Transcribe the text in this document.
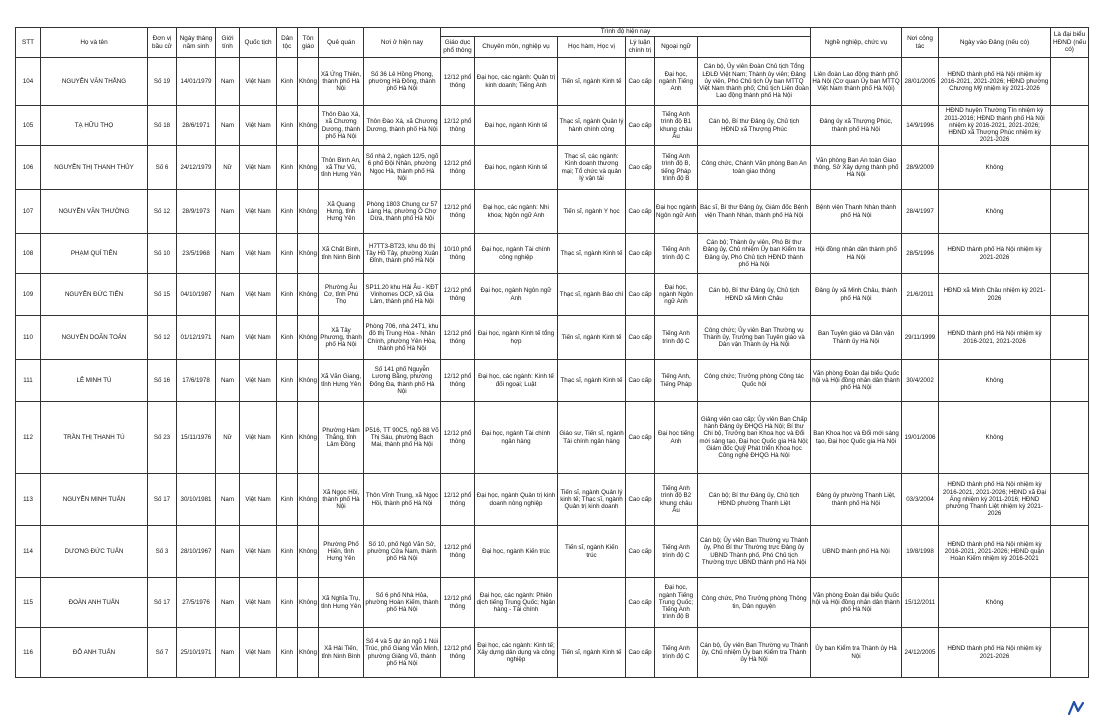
STT	Họ và tên	Đơn vị bầu cử	Ngày tháng năm sinh	Giới tính	Quốc tịch	Dân tộc	Tôn giáo	Quê quán	Nơi ở hiện nay	Trình độ hiện nay						Nghề nghiệp, chức vụ	Nơi công tác	Ngày vào Đảng (nếu có)	Là đại biểu HĐND (nếu có)	
										Giáo dục phổ thông	Chuyên môn, nghiệp vụ	Học hàm, Học vị	Lý luận chính trị	Ngoại ngữ						
104	NGUYỄN VĂN THẮNG	Số 19	14/01/1979	Nam	Việt Nam	Kinh	Không	Xã Ứng Thiên, thành phố Hà Nội	Số 36 Lê Hồng Phong, phường Hà Đông, thành phố Hà Nội	12/12 phổ thông	Đại học, các ngành: Quản trị kinh doanh; Tiếng Anh	Tiến sĩ, ngành Kinh tế	Cao cấp	Đại học, ngành Tiếng Anh	Cán bộ, Ủy viên Đoàn Chủ tịch Tổng LĐLĐ Việt Nam; Thành ủy viên; Đảng ủy viên, Phó Chủ tịch Ủy ban MTTQ Việt Nam thành phố; Chủ tịch Liên đoàn Lao động thành phố Hà Nội	Liên đoàn Lao động thành phố Hà Nội (Cơ quan Ủy ban MTTQ Việt Nam thành phố Hà Nội)	28/01/2005	HĐND thành phố Hà Nội nhiệm kỳ 2016-2021, 2021-2026; HĐND phường Chương Mỹ nhiệm kỳ 2021-2026		
105	TẠ HỮU THỌ	Số 18	28/6/1971	Nam	Việt Nam	Kinh	Không	Thôn Đào Xá, xã Chương Dương, thành phố Hà Nội	Thôn Đào Xá, xã Chương Dương, thành phố Hà Nội	12/12 phổ thông	Đại học, ngành Kinh tế	Thạc sĩ, ngành Quản lý hành chính công	Cao cấp	Tiếng Anh trình độ B1 khung châu Âu	Cán bộ, Bí thư Đảng ủy, Chủ tịch HĐND xã Thượng Phúc	Đảng ủy xã Thượng Phúc, thành phố Hà Nội	14/9/1996	HĐND huyện Thường Tín nhiệm kỳ 2011-2016; HĐND thành phố Hà Nội nhiệm kỳ 2016-2021, 2021-2026; HĐND xã Thượng Phúc nhiệm kỳ 2021-2026		
106	NGUYỄN THỊ THANH THỦY	Số 6	24/12/1979	Nữ	Việt Nam	Kinh	Không	Thôn Bình An, xã Thư Vũ, tỉnh Hưng Yên	Số nhà 2, ngách 12/5, ngõ 6 phố Đội Nhân, phường Ngọc Hà, thành phố Hà Nội	12/12 phổ thông	Đại học, ngành Kinh tế	Thạc sĩ, các ngành: Kinh doanh thương mại; Tổ chức và quản lý vận tải	Cao cấp	Tiếng Anh trình độ B, tiếng Pháp trình độ B	Công chức, Chánh Văn phòng Ban An toàn giao thông	Văn phòng Ban An toàn Giao thông, Sở Xây dựng thành phố Hà Nội	28/9/2009	Không		
107	NGUYỄN VĂN THƯỜNG	Số 12	28/9/1973	Nam	Việt Nam	Kinh	Không	Xã Quang Hưng, tỉnh Hưng Yên	Phòng 1803 Chung cư 57 Láng Hạ, phường Ô Chợ Dừa, thành phố Hà Nội	12/12 phổ thông	Đại học, các ngành: Nhi khoa; Ngôn ngữ Anh	Tiến sĩ, ngành Y học	Cao cấp	Đại học ngành Ngôn ngữ Anh	Bác sĩ, Bí thư Đảng ủy, Giám đốc Bệnh viện Thanh Nhàn, thành phố Hà Nội	Bệnh viện Thanh Nhàn thành phố Hà Nội	28/4/1997	Không		
108	PHẠM QUÍ TIÊN	Số 10	23/5/1968	Nam	Việt Nam	Kinh	Không	Xã Chất Bình, tỉnh Ninh Bình	H7TT3-BT23, khu đô thị Tây Hồ Tây, phường Xuân Đỉnh, thành phố Hà Nội	10/10 phổ thông	Đại học, ngành Tài chính công nghiệp	Thạc sĩ, ngành Kinh tế	Cao cấp	Tiếng Anh trình độ C	Cán bộ; Thành ủy viên, Phó Bí thư Đảng ủy, Chủ nhiệm Ủy ban Kiểm tra Đảng ủy, Phó Chủ tịch HĐND thành phố Hà Nội	Hội đồng nhân dân thành phố Hà Nội	28/5/1996	HĐND thành phố Hà Nội nhiệm kỳ 2021-2026		
109	NGUYỄN ĐỨC TIẾN	Số 15	04/10/1987	Nam	Việt Nam	Kinh	Không	Phường Âu Cơ, tỉnh Phú Thọ	SP11.20 khu Hải Âu - KĐT Vinhomes OCP, xã Gia Lâm, thành phố Hà Nội	12/12 phổ thông	Đại học, ngành Ngôn ngữ Anh	Thạc sĩ, ngành Báo chí	Cao cấp	Đại học, ngành Ngôn ngữ Anh	Cán bộ, Bí thư Đảng ủy, Chủ tịch HĐND xã Minh Châu	Đảng ủy xã Minh Châu, thành phố Hà Nội	21/6/2011	HĐND xã Minh Châu nhiệm kỳ 2021-2026		
110	NGUYỄN DOÃN TOẢN	Số 12	01/12/1971	Nam	Việt Nam	Kinh	Không	Xã Tây Phương, thành phố Hà Nội	Phòng 706, nhà 24T1, khu đô thị Trung Hòa - Nhân Chính, phường Yên Hòa, thành phố Hà Nội	12/12 phổ thông	Đại học, ngành Kinh tế tổng hợp	Tiến sĩ, ngành Kinh tế	Cao cấp	Tiếng Anh trình độ C	Công chức; Ủy viên Ban Thường vụ Thành ủy, Trưởng ban Tuyên giáo và Dân vận Thành ủy Hà Nội	Ban Tuyên giáo và Dân vận Thành ủy Hà Nội	29/11/1999	HĐND thành phố Hà Nội nhiệm kỳ 2016-2021, 2021-2026		
111	LÊ MINH TÚ	Số 16	17/6/1978	Nam	Việt Nam	Kinh	Không	Xã Văn Giang, tỉnh Hưng Yên	Số 141 phố Nguyễn Lương Bằng, phường Đống Đa, thành phố Hà Nội	12/12 phổ thông	Đại học, các ngành: Kinh tế đối ngoại; Luật	Thạc sĩ, ngành Kinh tế	Cao cấp	Tiếng Anh, Tiếng Pháp	Công chức; Trưởng phòng Công tác Quốc hội	Văn phòng Đoàn đại biểu Quốc hội và Hội đồng nhân dân thành phố Hà Nội	30/4/2002	Không		
112	TRẦN THỊ THANH TÚ	Số 23	15/11/1976	Nữ	Việt Nam	Kinh	Không	Phường Hàm Thắng, tỉnh Lâm Đồng	P516, TT 90C5, ngõ 88 Võ Thị Sáu, phường Bạch Mai, thành phố Hà Nội	12/12 phổ thông	Đại học, ngành Tài chính ngân hàng	Giáo sư, Tiến sĩ, ngành Tài chính ngân hàng	Cao cấp	Đại học tiếng Anh	Giảng viên cao cấp; Ủy viên Ban Chấp hành Đảng ủy ĐHQG Hà Nội; Bí thư Chi bộ, Trưởng ban Khoa học và Đổi mới sáng tạo, Đại học Quốc gia Hà Nội; Giám đốc Quỹ Phát triển Khoa học Công nghệ ĐHQG Hà Nội	Ban Khoa học và Đổi mới sáng tạo, Đại học Quốc gia Hà Nội	19/01/2006	Không		
113	NGUYỄN MINH TUẤN	Số 17	30/10/1981	Nam	Việt Nam	Kinh	Không	Xã Ngọc Hồi, thành phố Hà Nội	Thôn Vĩnh Trung, xã Ngọc Hồi, thành phố Hà Nội	12/12 phổ thông	Đại học, ngành Quản trị kinh doanh nông nghiệp	Tiến sĩ, ngành Quản lý kinh tế; Thạc sĩ, ngành Quản trị kinh doanh	Cao cấp	Tiếng Anh trình độ B2 khung châu Âu	Cán bộ; Bí thư Đảng ủy, Chủ tịch HĐND phường Thanh Liệt	Đảng ủy phường Thanh Liệt, thành phố Hà Nội	03/3/2004	HĐND thành phố Hà Nội nhiệm kỳ 2016-2021, 2021-2026; HĐND xã Đại Áng nhiệm kỳ 2011-2016; HĐND phường Thanh Liệt nhiệm kỳ 2021-2026		
114	DƯƠNG ĐỨC TUẤN	Số 3	28/10/1967	Nam	Việt Nam	Kinh	Không	Phường Phố Hiến, tỉnh Hưng Yên	Số 10, phố Ngô Văn Sở, phường Cửa Nam, thành phố Hà Nội	12/12 phổ thông	Đại học, ngành Kiến trúc	Tiến sĩ, ngành Kiến trúc	Cao cấp	Tiếng Anh trình độ C	Cán bộ; Ủy viên Ban Thường vụ Thành ủy, Phó Bí thư Thường trực Đảng ủy UBND Thành phố, Phó Chủ tịch Thường trực UBND thành phố Hà Nội	UBND thành phố Hà Nội	19/8/1998	HĐND thành phố Hà Nội nhiệm kỳ 2016-2021, 2021-2026; HĐND quận Hoàn Kiếm nhiệm kỳ 2016-2021		
115	ĐOÀN ANH TUẤN	Số 17	27/5/1976	Nam	Việt Nam	Kinh	Không	Xã Nghĩa Trụ, tỉnh Hưng Yên	Số 6 phố Nhà Hỏa, phường Hoàn Kiếm, thành phố Hà Nội	12/12 phổ thông	Đại học, các ngành: Phiên dịch tiếng Trung Quốc; Ngân hàng - Tài chính		Cao cấp	Đại học, ngành Tiếng Trung Quốc; Tiếng Anh trình độ B	Công chức, Phó Trưởng phòng Thông tin, Dân nguyện	Văn phòng Đoàn đại biểu Quốc hội và Hội đồng nhân dân thành phố Hà Nội	15/12/2011	Không		
116	ĐỖ ANH TUẤN	Số 7	25/10/1971	Nam	Việt Nam	Kinh	Không	Xã Hải Tiến, tỉnh Ninh Bình	Số 4 và 5 dự án ngõ 1 Núi Trúc, phố Giang Văn Minh, phường Giảng Võ, thành phố Hà Nội	12/12 phổ thông	Đại học, các ngành: Kinh tế; Xây dựng dân dụng và công nghiệp	Tiến sĩ, ngành Kinh tế	Cao cấp	Tiếng Anh trình độ C	Cán bộ, Ủy viên Ban Thường vụ Thành ủy, Chủ nhiệm Ủy ban Kiểm tra Thành ủy Hà Nội	Ủy ban Kiểm tra Thành ủy Hà Nội	24/12/2005	HĐND thành phố Hà Nội nhiệm kỳ 2021-2026		
